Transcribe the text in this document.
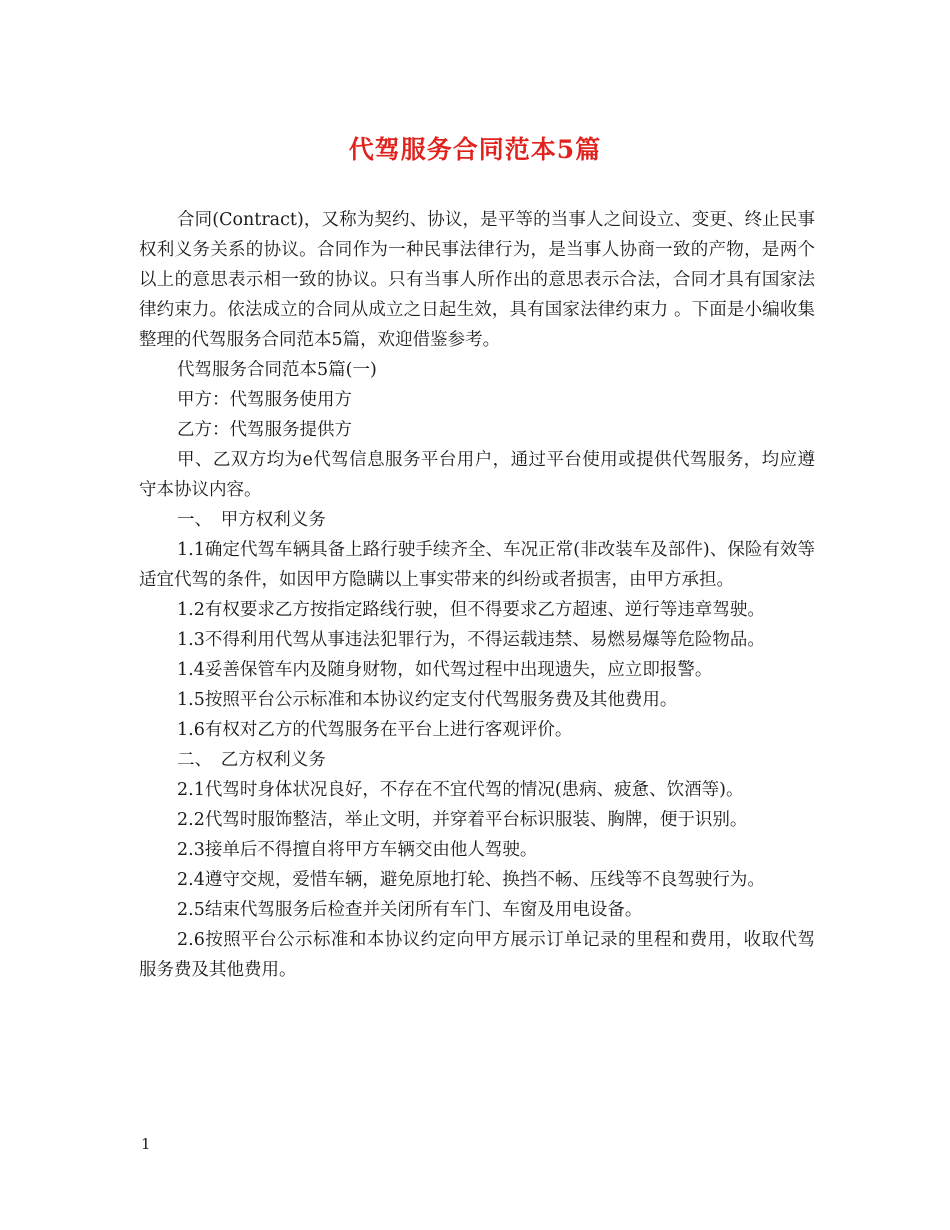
代驾服务合同范本5篇

合同(Contract)，又称为契约、协议，是平等的当事人之间设立、变更、终止民事权利义务关系的协议。合同作为一种民事法律行为，是当事人协商一致的产物，是两个以上的意思表示相一致的协议。只有当事人所作出的意思表示合法，合同才具有国家法律约束力。依法成立的合同从成立之日起生效，具有国家法律约束力 。下面是小编收集整理的代驾服务合同范本5篇，欢迎借鉴参考。

代驾服务合同范本5篇(一)

甲方：代驾服务使用方

乙方：代驾服务提供方

甲、乙双方均为e代驾信息服务平台用户，通过平台使用或提供代驾服务，均应遵守本协议内容。

一、　甲方权利义务

1.1确定代驾车辆具备上路行驶手续齐全、车况正常(非改装车及部件)、保险有效等适宜代驾的条件，如因甲方隐瞒以上事实带来的纠纷或者损害，由甲方承担。

1.2有权要求乙方按指定路线行驶，但不得要求乙方超速、逆行等违章驾驶。

1.3不得利用代驾从事违法犯罪行为，不得运载违禁、易燃易爆等危险物品。

1.4妥善保管车内及随身财物，如代驾过程中出现遗失，应立即报警。

1.5按照平台公示标准和本协议约定支付代驾服务费及其他费用。

1.6有权对乙方的代驾服务在平台上进行客观评价。

二、　乙方权利义务

2.1代驾时身体状况良好，不存在不宜代驾的情况(患病、疲惫、饮酒等)。

2.2代驾时服饰整洁，举止文明，并穿着平台标识服装、胸牌，便于识别。

2.3接单后不得擅自将甲方车辆交由他人驾驶。

2.4遵守交规，爱惜车辆，避免原地打轮、换挡不畅、压线等不良驾驶行为。

2.5结束代驾服务后检查并关闭所有车门、车窗及用电设备。

2.6按照平台公示标准和本协议约定向甲方展示订单记录的里程和费用，收取代驾服务费及其他费用。

1
